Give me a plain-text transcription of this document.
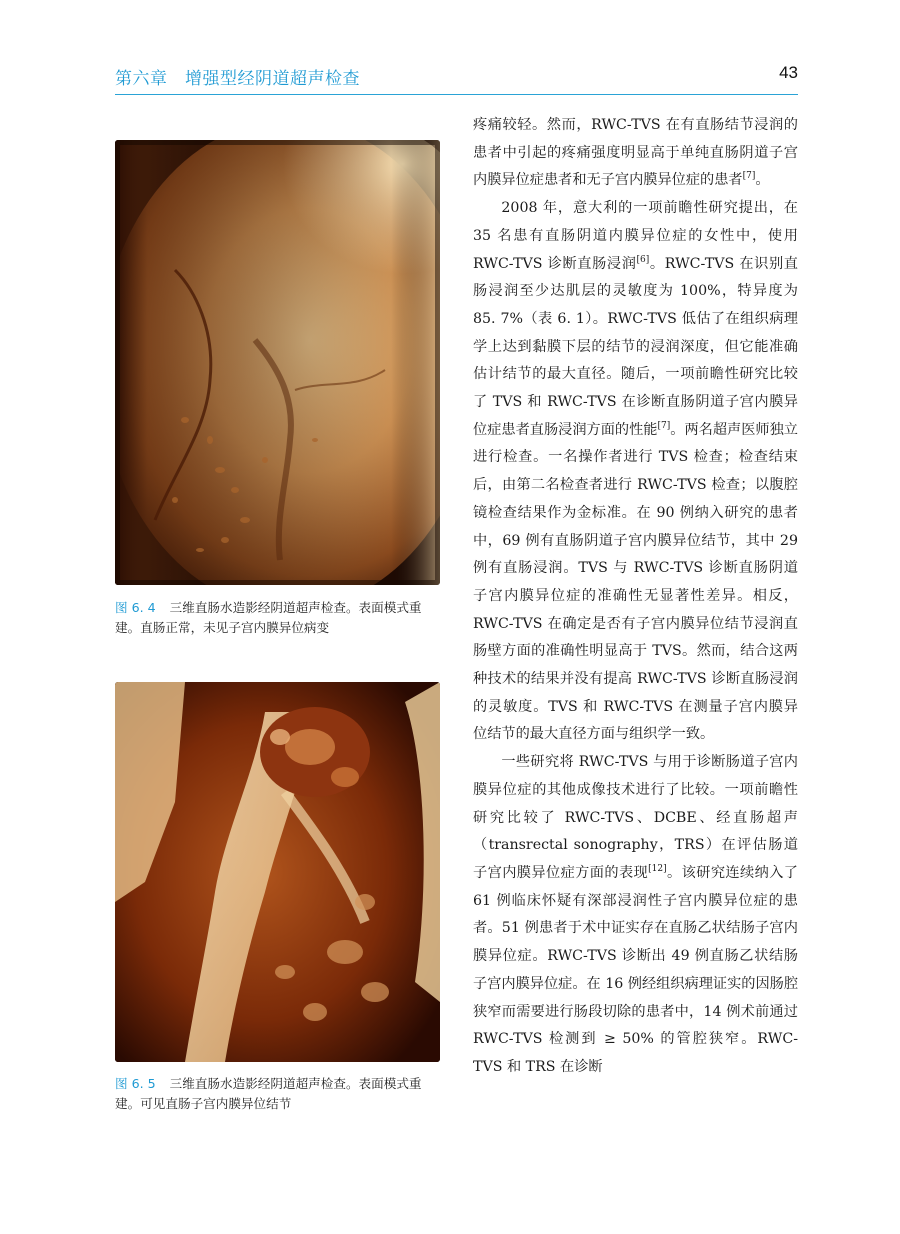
第六章　增强型经阴道超声检查	43
图 6. 4 三维直肠水造影经阴道超声检查。表面模式重建。直肠正常，未见子宫内膜异位病变
图 6. 5 三维直肠水造影经阴道超声检查。表面模式重建。可见直肠子宫内膜异位结节

疼痛较轻。然而，RWC-TVS 在有直肠结节浸润的患者中引起的疼痛强度明显高于单纯直肠阴道子宫内膜异位症患者和无子宫内膜异位症的患者[7]。

2008 年，意大利的一项前瞻性研究提出，在 35 名患有直肠阴道内膜异位症的女性中，使用 RWC-TVS 诊断直肠浸润[6]。RWC-TVS 在识别直肠浸润至少达肌层的灵敏度为 100%，特异度为 85. 7%（表 6. 1）。RWC-TVS 低估了在组织病理学上达到黏膜下层的结节的浸润深度，但它能准确估计结节的最大直径。随后，一项前瞻性研究比较了 TVS 和 RWC-TVS 在诊断直肠阴道子宫内膜异位症患者直肠浸润方面的性能[7]。两名超声医师独立进行检查。一名操作者进行 TVS 检查；检查结束后，由第二名检查者进行 RWC-TVS 检查；以腹腔镜检查结果作为金标准。在 90 例纳入研究的患者中，69 例有直肠阴道子宫内膜异位结节，其中 29 例有直肠浸润。TVS 与 RWC-TVS 诊断直肠阴道子宫内膜异位症的准确性无显著性差异。相反，RWC-TVS 在确定是否有子宫内膜异位结节浸润直肠壁方面的准确性明显高于 TVS。然而，结合这两种技术的结果并没有提高 RWC-TVS 诊断直肠浸润的灵敏度。TVS 和 RWC-TVS 在测量子宫内膜异位结节的最大直径方面与组织学一致。

一些研究将 RWC-TVS 与用于诊断肠道子宫内膜异位症的其他成像技术进行了比较。一项前瞻性研究比较了 RWC-TVS、DCBE、经直肠超声（transrectal sonography，TRS）在评估肠道子宫内膜异位症方面的表现[12]。该研究连续纳入了 61 例临床怀疑有深部浸润性子宫内膜异位症的患者。51 例患者于术中证实存在直肠乙状结肠子宫内膜异位症。RWC-TVS 诊断出 49 例直肠乙状结肠子宫内膜异位症。在 16 例经组织病理证实的因肠腔狭窄而需要进行肠段切除的患者中，14 例术前通过 RWC-TVS 检测到 ≥ 50% 的管腔狭窄。RWC-TVS 和 TRS 在诊断
